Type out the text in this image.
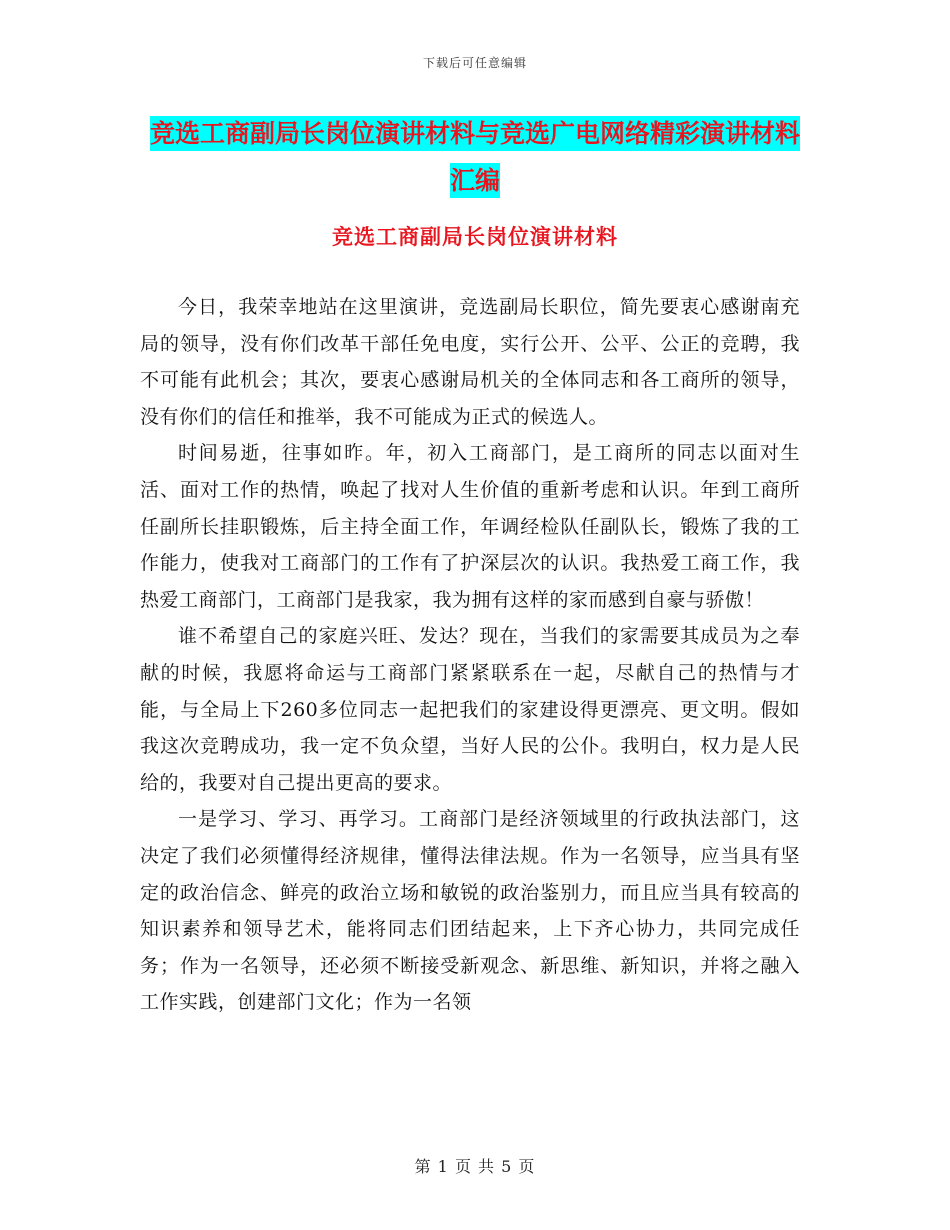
下载后可任意编辑
竞选工商副局长岗位演讲材料与竞选广电网络精彩演讲材料汇编
竞选工商副局长岗位演讲材料

今日，我荣幸地站在这里演讲，竞选副局长职位，简先要衷心感谢南充局的领导，没有你们改革干部任免电度，实行公开、公平、公正的竞聘，我不可能有此机会；其次，要衷心感谢局机关的全体同志和各工商所的领导，没有你们的信任和推举，我不可能成为正式的候选人。

时间易逝，往事如昨。年，初入工商部门，是工商所的同志以面对生活、面对工作的热情，唤起了找对人生价值的重新考虑和认识。年到工商所任副所长挂职锻炼，后主持全面工作，年调经检队任副队长，锻炼了我的工作能力，使我对工商部门的工作有了护深层次的认识。我热爱工商工作，我热爱工商部门，工商部门是我家，我为拥有这样的家而感到自豪与骄傲！

谁不希望自己的家庭兴旺、发达？现在，当我们的家需要其成员为之奉献的时候，我愿将命运与工商部门紧紧联系在一起，尽献自己的热情与才能，与全局上下260多位同志一起把我们的家建设得更漂亮、更文明。假如我这次竞聘成功，我一定不负众望，当好人民的公仆。我明白，权力是人民给的，我要对自己提出更高的要求。

一是学习、学习、再学习。工商部门是经济领域里的行政执法部门，这决定了我们必须懂得经济规律，懂得法律法规。作为一名领导，应当具有坚定的政治信念、鲜亮的政治立场和敏锐的政治鉴别力，而且应当具有较高的知识素养和领导艺术，能将同志们团结起来，上下齐心协力，共同完成任务；作为一名领导，还必须不断接受新观念、新思维、新知识，并将之融入工作实践，创建部门文化；作为一名领

第 1 页 共 5 页
